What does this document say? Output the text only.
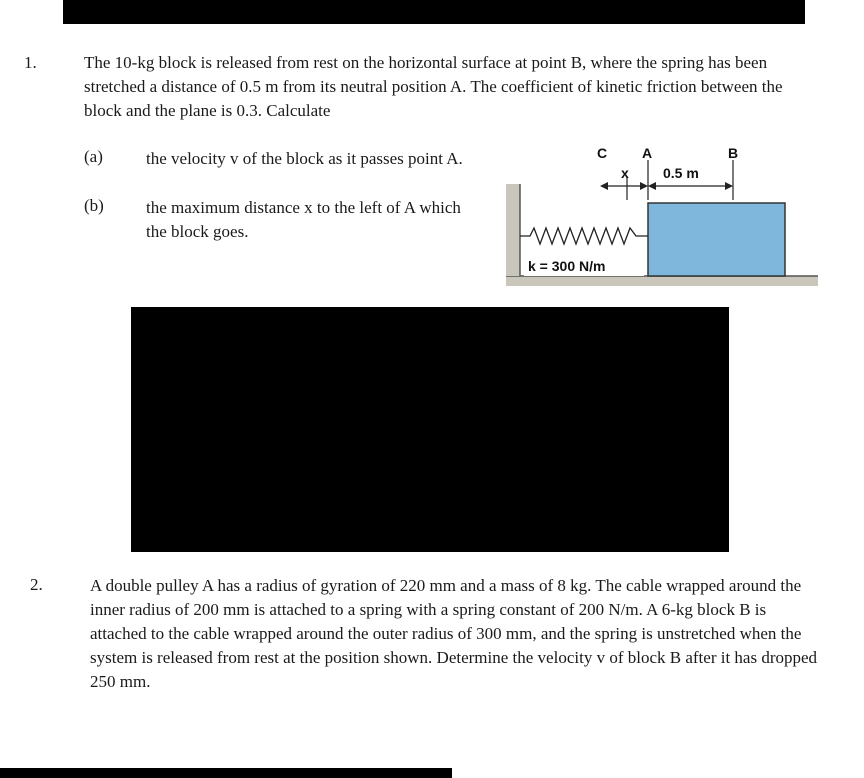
1.	The 10-kg block is released from rest on the horizontal surface at point B, where the spring has been stretched a distance of 0.5 m from its neutral position A. The coefficient of kinetic friction between the block and the plane is 0.3. Calculate
(a)	the velocity v of the block as it passes point A.
(b) the maximum distance x to the left of A which the block goes.
k = 300 N/m
C A	B
x 0.5 m
2.	A double pulley A has a radius of gyration of 220 mm and a mass of 8 kg. The cable wrapped around the inner radius of 200 mm is attached to a spring with a spring constant of 200 N/m. A 6-kg block B is attached to the cable wrapped around the outer radius of 300 mm, and the spring is unstretched when the system is released from rest at the position shown. Determine the velocity v of block B after it has dropped 250 mm.
